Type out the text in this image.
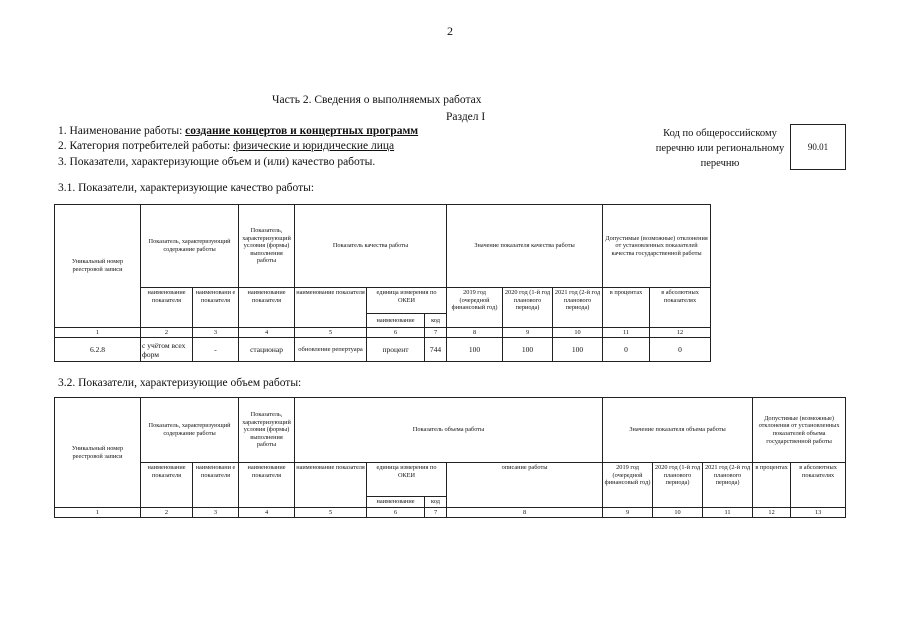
2
Часть 2. Сведения о выполняемых работах
Раздел I
1. Наименование работы: создание концертов и концертных программ
2. Категория потребителей работы: физические и юридические лица
3. Показатели, характеризующие объем и (или) качество работы.
Код по общероссийскому
перечню или региональному
перечню
90.01
3.1. Показатели, характеризующие качество работы:
Уникальный номер реестровой записи	Показатель, характеризующий содержание работы		Показатель, характеризующий условия (формы) выполнения работы	Показатель качества работы			Значение показателя качества работы			Допустимые (возможные) отклонения от установленных показателей качества государственной работы	
	наименование показателя	наименовани е показателя	наименование показателя	наименование показателя	единица измерения по ОКЕИ		2019 год (очередной финансовый год)	2020 год (1-й год планового периода)	2021 год (2-й год планового периода)	в процентах	в абсолютных показателях
					наименование	код					
1	2	3	4	5	6	7	8	9	10	11	12
6.2.8	с учётом всех форм	-	стационар	обновление репертуара	процент	744	100	100	100	0	0
3.2. Показатели, характеризующие объем работы:
Уникальный номер реестровой записи	Показатель, характеризующий содержание работы		Показатель, характеризующий условия (формы) выполнения работы	Показатель объема работы				Значение показателя объема работы			Допустимые (возможные) отклонения от установленных показателей объема государственной работы	
	наименование показателя	наименовани е показателя	наименование показателя	наименование показателя	единица измерения по ОКЕИ		описание работы	2019 год (очередной финансовый год)	2020 год (1-й год планового периода)	2021 год (2-й год планового периода)	в процентах	в абсолютных показателях
					наименование	код						
1	2	3	4	5	6	7	8	9	10	11	12	13
